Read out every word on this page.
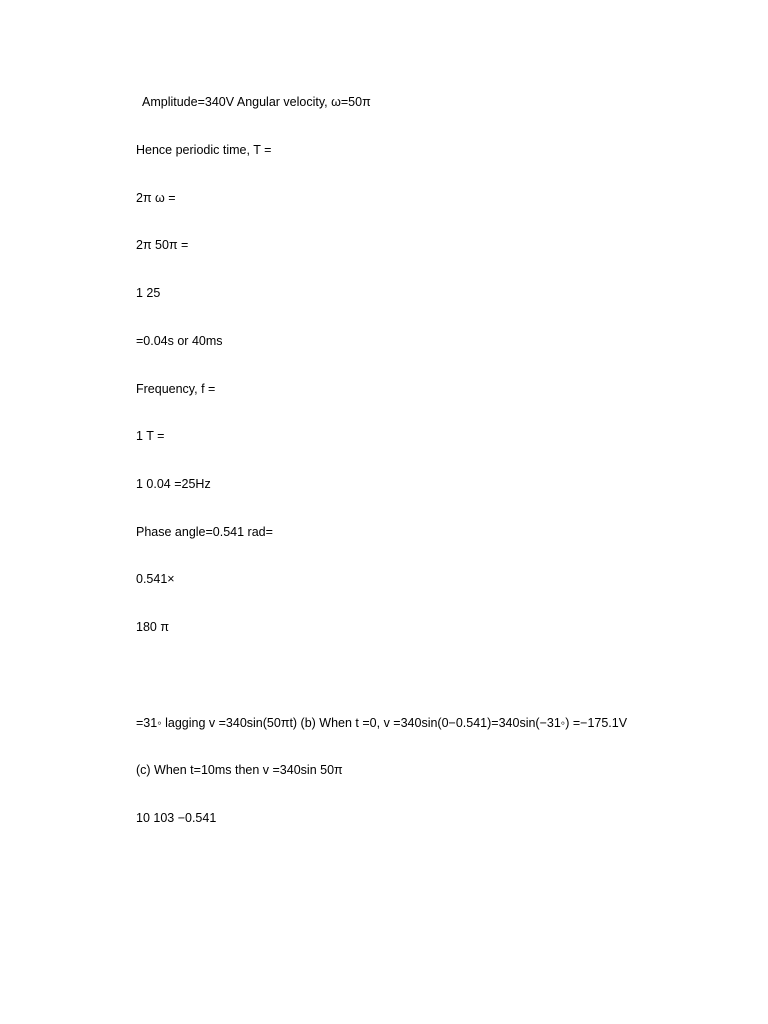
Amplitude=340V Angular velocity, ω=50π
Hence periodic time, T =
2π ω =
2π 50π =
1 25
=0.04s or 40ms
Frequency, f =
1 T =
1 0.04 =25Hz
Phase angle=0.541 rad=
0.541×
180 π
=31◦ lagging v =340sin(50πt) (b) When t =0, v =340sin(0−0.541)=340sin(−31◦) =−175.1V
(c) When t=10ms then v =340sin 50π
10 103 −0.541
